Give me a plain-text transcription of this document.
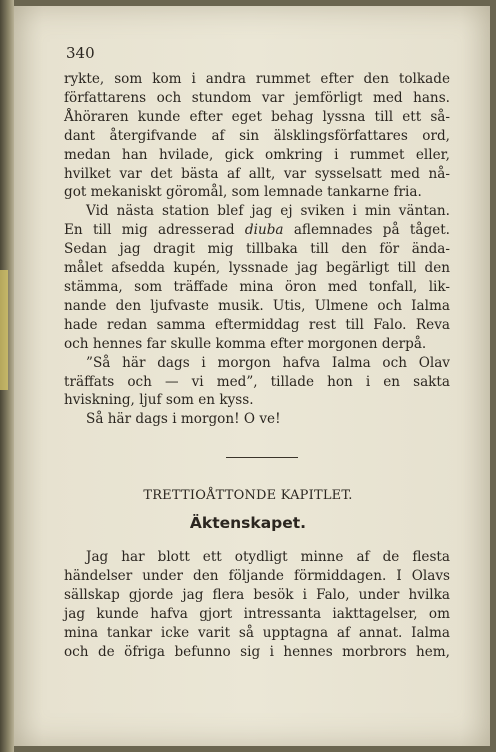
340
rykte, som kom i andra rummet efter den tolkade
författarens och stundom var jemförligt med hans.
Åhöraren kunde efter eget behag lyssna till ett så-
dant återgifvande af sin älsklingsförfattares ord,
medan han hvilade, gick omkring i rummet eller,
hvilket var det bästa af allt, var sysselsatt med nå-
got mekaniskt göromål, som lemnade tankarne fria.
Vid nästa station blef jag ej sviken i min väntan.
En till mig adresserad diuba aflemnades på tåget.
Sedan jag dragit mig tillbaka till den för ända-
målet afsedda kupén, lyssnade jag begärligt till den
stämma, som träffade mina öron med tonfall, lik-
nande den ljufvaste musik. Utis, Ulmene och Ialma
hade redan samma eftermiddag rest till Falo. Reva
och hennes far skulle komma efter morgonen derpå.
”Så här dags i morgon hafva Ialma och Olav
träffats och — vi med”, tillade hon i en sakta
hviskning, ljuf som en kyss.
Så här dags i morgon! O ve!
TRETTIOÅTTONDE KAPITLET.
Äktenskapet.
Jag har blott ett otydligt minne af de flesta
händelser under den följande förmiddagen. I Olavs
sällskap gjorde jag flera besök i Falo, under hvilka
jag kunde hafva gjort intressanta iakttagelser, om
mina tankar icke varit så upptagna af annat. Ialma
och de öfriga befunno sig i hennes morbrors hem,
